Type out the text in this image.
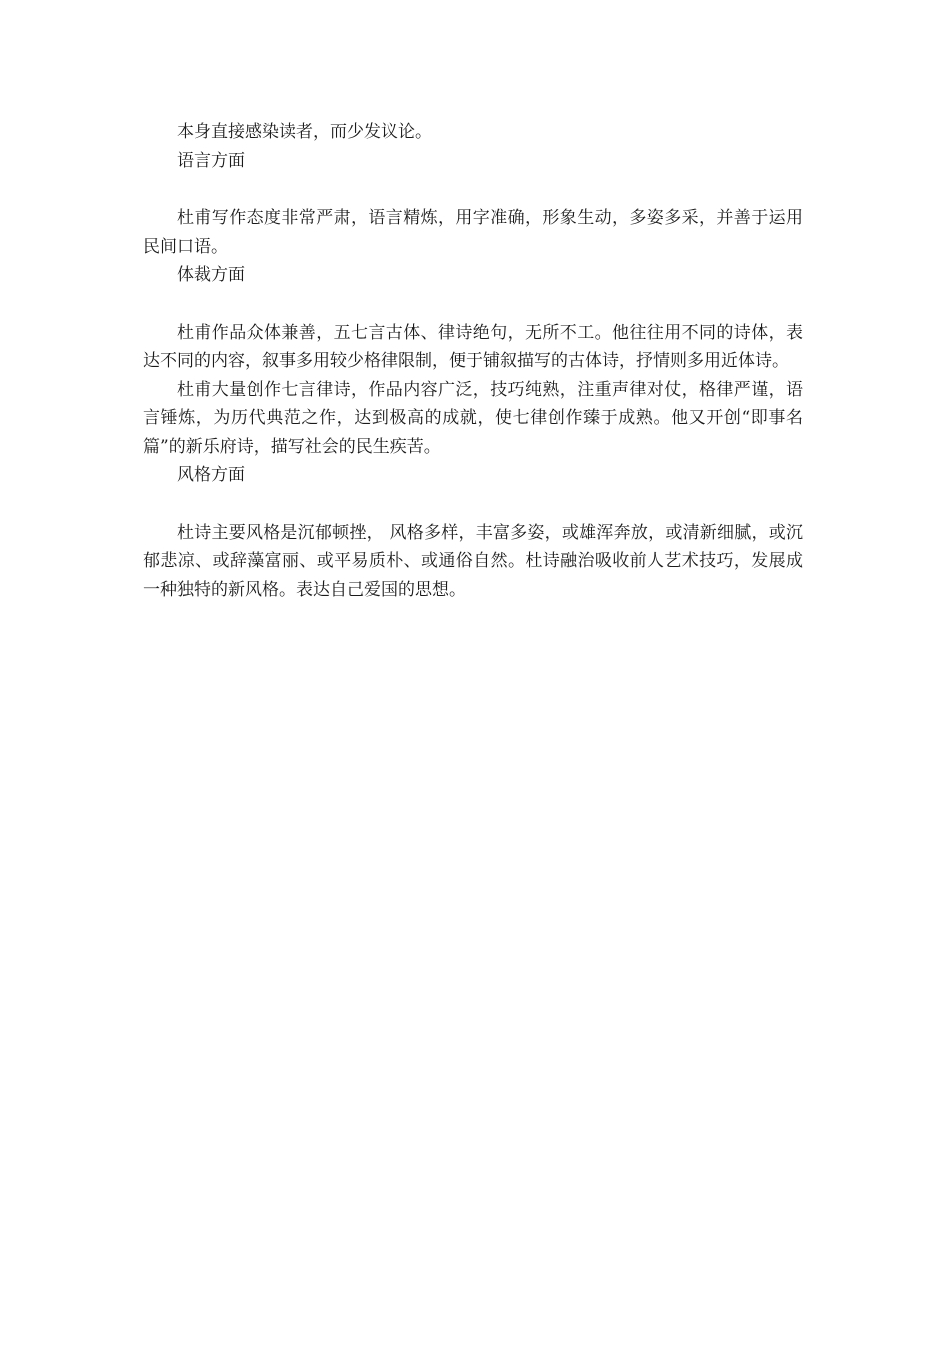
本身直接感染读者，而少发议论。

语言方面

杜甫写作态度非常严肃，语言精炼，用字准确，形象生动，多姿多采，并善于运用民间口语。

体裁方面

杜甫作品众体兼善，五七言古体、律诗绝句，无所不工。他往往用不同的诗体，表达不同的内容，叙事多用较少格律限制，便于铺叙描写的古体诗，抒情则多用近体诗。

杜甫大量创作七言律诗，作品内容广泛，技巧纯熟，注重声律对仗，格律严谨，语言锤炼，为历代典范之作，达到极高的成就，使七律创作臻于成熟。他又开创“即事名篇”的新乐府诗，描写社会的民生疾苦。

风格方面

杜诗主要风格是沉郁顿挫， 风格多样，丰富多姿，或雄浑奔放，或清新细腻，或沉郁悲凉、或辞藻富丽、或平易质朴、或通俗自然。杜诗融治吸收前人艺术技巧，发展成一种独特的新风格。表达自己爱国的思想。
